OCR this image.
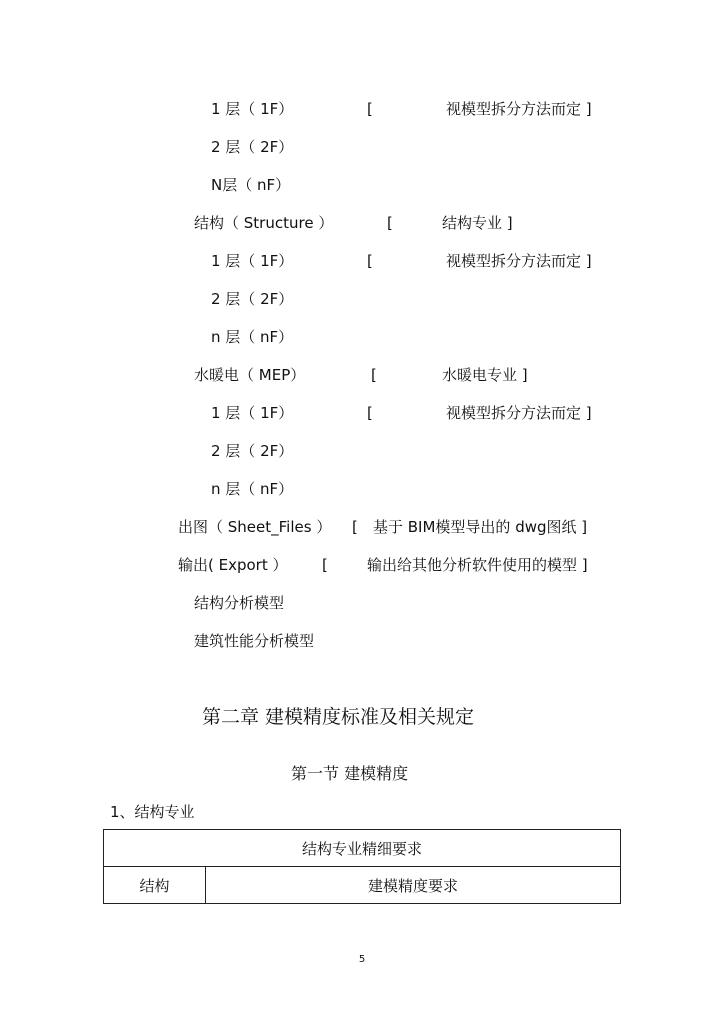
1 层（ 1F）	[	视模型拆分方法而定 ]
2 层（ 2F）
N层（ nF）
结构（ Structure ）	[	结构专业 ]
1 层（ 1F）	[	视模型拆分方法而定 ]
2 层（ 2F）
n 层（ nF）
水暖电（ MEP）	[	水暖电专业 ]
1 层（ 1F）	[	视模型拆分方法而定 ]
2 层（ 2F）
n 层（ nF）
出图（ Sheet_Files ） [ 基于 BIM模型导出的 dwg图纸 ]
输出( Export ） [	输出给其他分析软件使用的模型 ]
结构分析模型
建筑性能分析模型
第二章 建模精度标准及相关规定
第一节 建模精度
1、结构专业
结构专业精细要求
结构	建模精度要求
5
